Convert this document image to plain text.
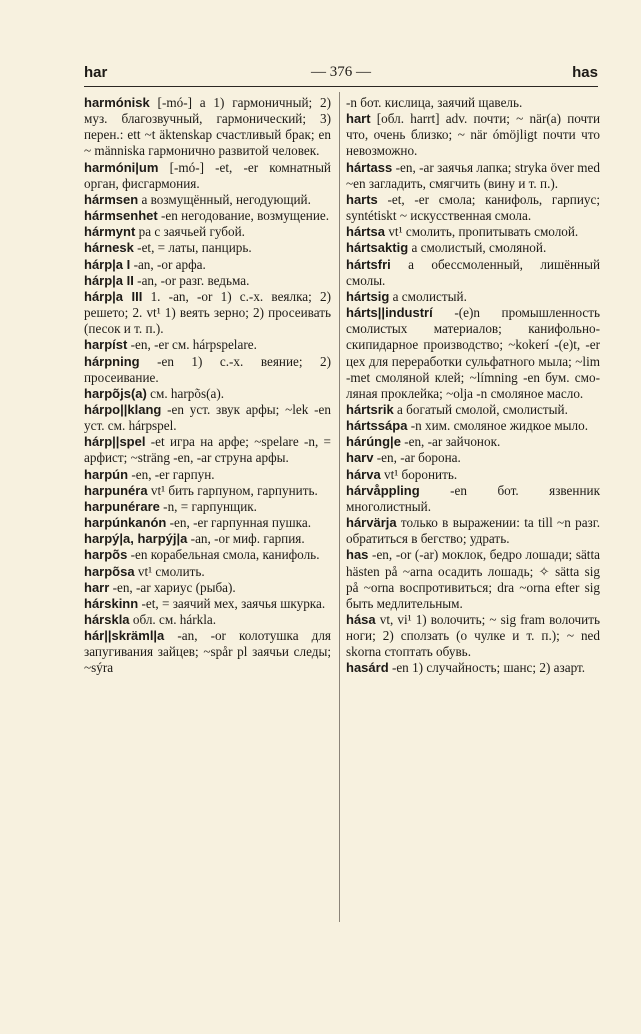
har	— 376 —	has

harmónisk [-mó-] a 1) гармоничный; 2) муз. благозвучный, гармонический; 3) перен.: ett ~t äktenskap счастливый брак; en ~ människa гармонично развитой человек.

harmóni|um [-mó-] -et, -er комнатный орган, фисгармония.

hármsen a возмущённый, негодующий.

hármsenhet -en негодование, возмущение.

hármynt pa с заячьей губой.

hárnesk -et, = латы, панцирь.

hárp|a I -an, -or арфа.

hárp|a II -an, -or разг. ведьма.

hárp|a III 1. -an, -or 1) с.-х. веялка; 2) решето; 2. vt¹ 1) веять зерно; 2) просеивать (песок и т. п.).

harpíst -en, -er см. hárpspelare.

hárpning -en 1) с.-х. веяние; 2) просеивание.

harpõjs(a) см. harpõs(a).

hárpo||klang -en уст. звук арфы; ~lek -en уст. см. hárpspel.

hárp||spel -et игра на арфе; ~spelare -n, = арфист; ~sträng -en, -ar струна арфы.

harpún -en, -er гарпун.

harpunéra vt¹ бить гарпуном, гарпунить.

harpunérare -n, = гарпунщик.

harpúnkanón -en, -er гарпунная пушка.

harpý|a, harpýj|a -an, -or миф. гарпия.

harpõs -en корабельная смола, канифоль.

harpõsa vt¹ смолить.

harr -en, -ar хариус (рыба).

hárskinn -et, = заячий мех, заячья шкурка.

hárskla обл. см. hárkla.

hár||skräml|a -an, -or колотушка для запугивания зайцев; ~spår pl заячьи следы; ~sýra

-n бот. кислица, заячий щавель.

hart [обл. harrt] adv. почти; ~ när(a) почти что, очень близко; ~ när ómöjligt почти что невозможно.

hártass -en, -ar заячья лапка; stryka över med ~en загладить, смягчить (вину и т. п.).

harts -et, -er смола; канифоль, гарпиус; syntétiskt ~ искусственная смола.

hártsa vt¹ смолить, пропитывать смолой.

hártsaktig a смолистый, смоляной.

hártsfri a обессмоленный, лишённый смолы.

hártsig a смолистый.

hárts||industrí -(e)n промышленность смолистых материалов; канифольно-скипидарное производство; ~kokerí -(e)t, -er цех для переработки сульфатного мыла; ~lim -met смоляной клей; ~límning -en бум. смоляная проклейка; ~olja -n смоляное масло.

hártsrik a богатый смолой, смолистый.

hártssápa -n хим. смоляное жидкое мыло.

hárúng|e -en, -ar зайчонок.

harv -en, -ar борона.

hárva vt¹ боронить.

hárvåppling -en бот. язвенник многолистный.

hárvärja только в выражении: ta till ~n разг. обратиться в бегство; удрать.

has -en, -or (-ar) моклок, бедро лошади; sätta hästen på ~arna осадить лошадь; ✧ sätta sig på ~orna воспротивиться; dra ~orna efter sig быть медлительным.

hása vt, vi¹ 1) волочить; ~ sig fram волочить ноги; 2) сползать (о чулке и т. п.); ~ ned skorna стоптать обувь.

hasárd -en 1) случайность; шанс; 2) азарт.
